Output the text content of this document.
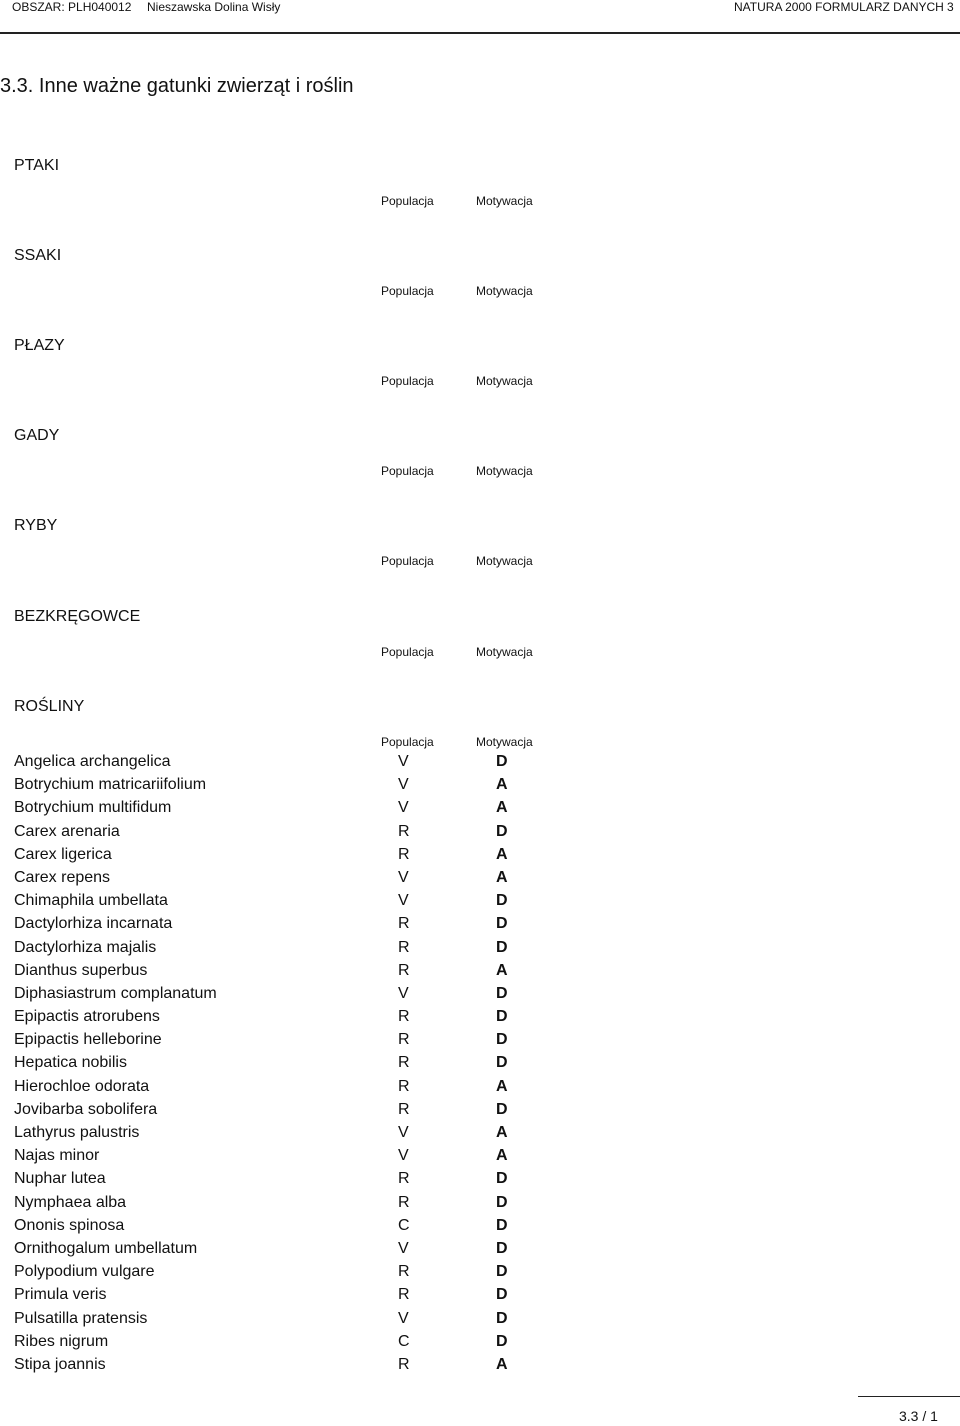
OBSZAR: PLH040012 Nieszawska Dolina Wisły	NATURA 2000 FORMULARZ DANYCH 3
3.3. Inne ważne gatunki zwierząt i roślin
PTAKI
Populacja	Motywacja
SSAKI
Populacja	Motywacja
PŁAZY
Populacja	Motywacja
GADY
Populacja	Motywacja
RYBY
Populacja	Motywacja
BEZKRĘGOWCE
Populacja	Motywacja
ROŚLINY
Populacja	Motywacja
Angelica archangelica	V	D
Botrychium matricariifolium	V	A
Botrychium multifidum	V	A
Carex arenaria	R	D
Carex ligerica	R	A
Carex repens	V	A
Chimaphila umbellata	V	D
Dactylorhiza incarnata	R	D
Dactylorhiza majalis	R	D
Dianthus superbus	R	A
Diphasiastrum complanatum	V	D
Epipactis atrorubens	R	D
Epipactis helleborine	R	D
Hepatica nobilis	R	D
Hierochloe odorata	R	A
Jovibarba sobolifera	R	D
Lathyrus palustris	V	A
Najas minor	V	A
Nuphar lutea	R	D
Nymphaea alba	R	D
Ononis spinosa	C	D
Ornithogalum umbellatum	V	D
Polypodium vulgare	R	D
Primula veris	R	D
Pulsatilla pratensis	V	D
Ribes nigrum	C	D
Stipa joannis	R	A
3.3 / 1
